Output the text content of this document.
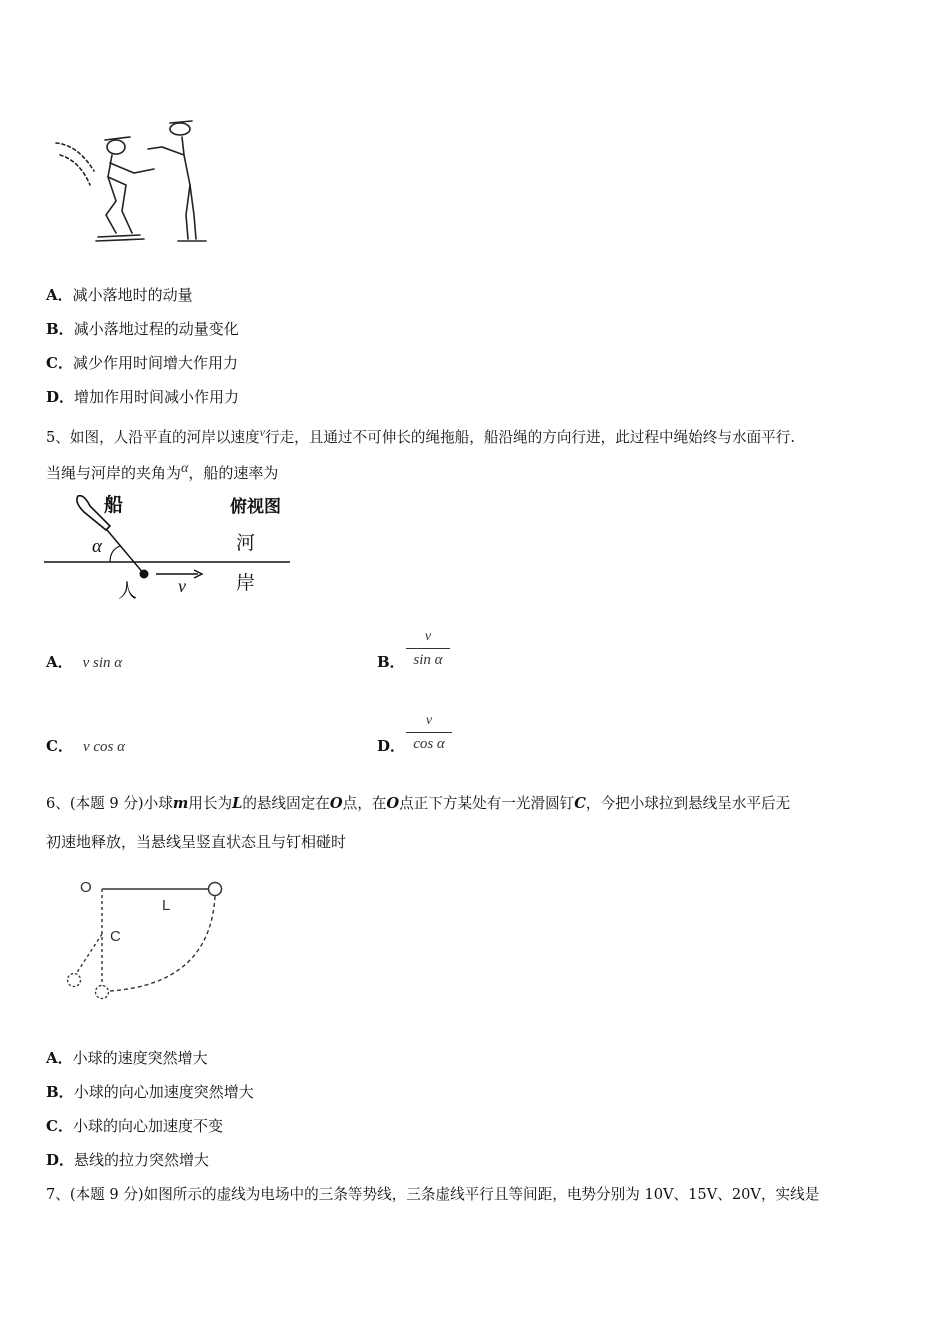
A．减小落地时的动量
B．减小落地过程的动量变化
C．减少作用时间增大作用力
D．增加作用时间减小作用力
5、如图，人沿平直的河岸以速度$^v$行走，且通过不可伸长的绳拖船，船沿绳的方向行进，此过程中绳始终与水面平行.
当绳与河岸的夹角为$^\alpha$，船的速率为
船	俯视图
河
岸
人
α
v
A． v sin α	B．
v
sin α
C． v cos α	D．
v
cos α
6、(本题 9 分)小球m用长为L的悬线固定在O点，在O点正下方某处有一光滑圆钉C，今把小球拉到悬线呈水平后无
初速地释放，当悬线呈竖直状态且与钉相碰时
O
L
C
A．小球的速度突然增大
B．小球的向心加速度突然增大
C．小球的向心加速度不变
D．悬线的拉力突然增大
7、(本题 9 分)如图所示的虚线为电场中的三条等势线，三条虚线平行且等间距，电势分别为 10V、15V、20V，实线是
